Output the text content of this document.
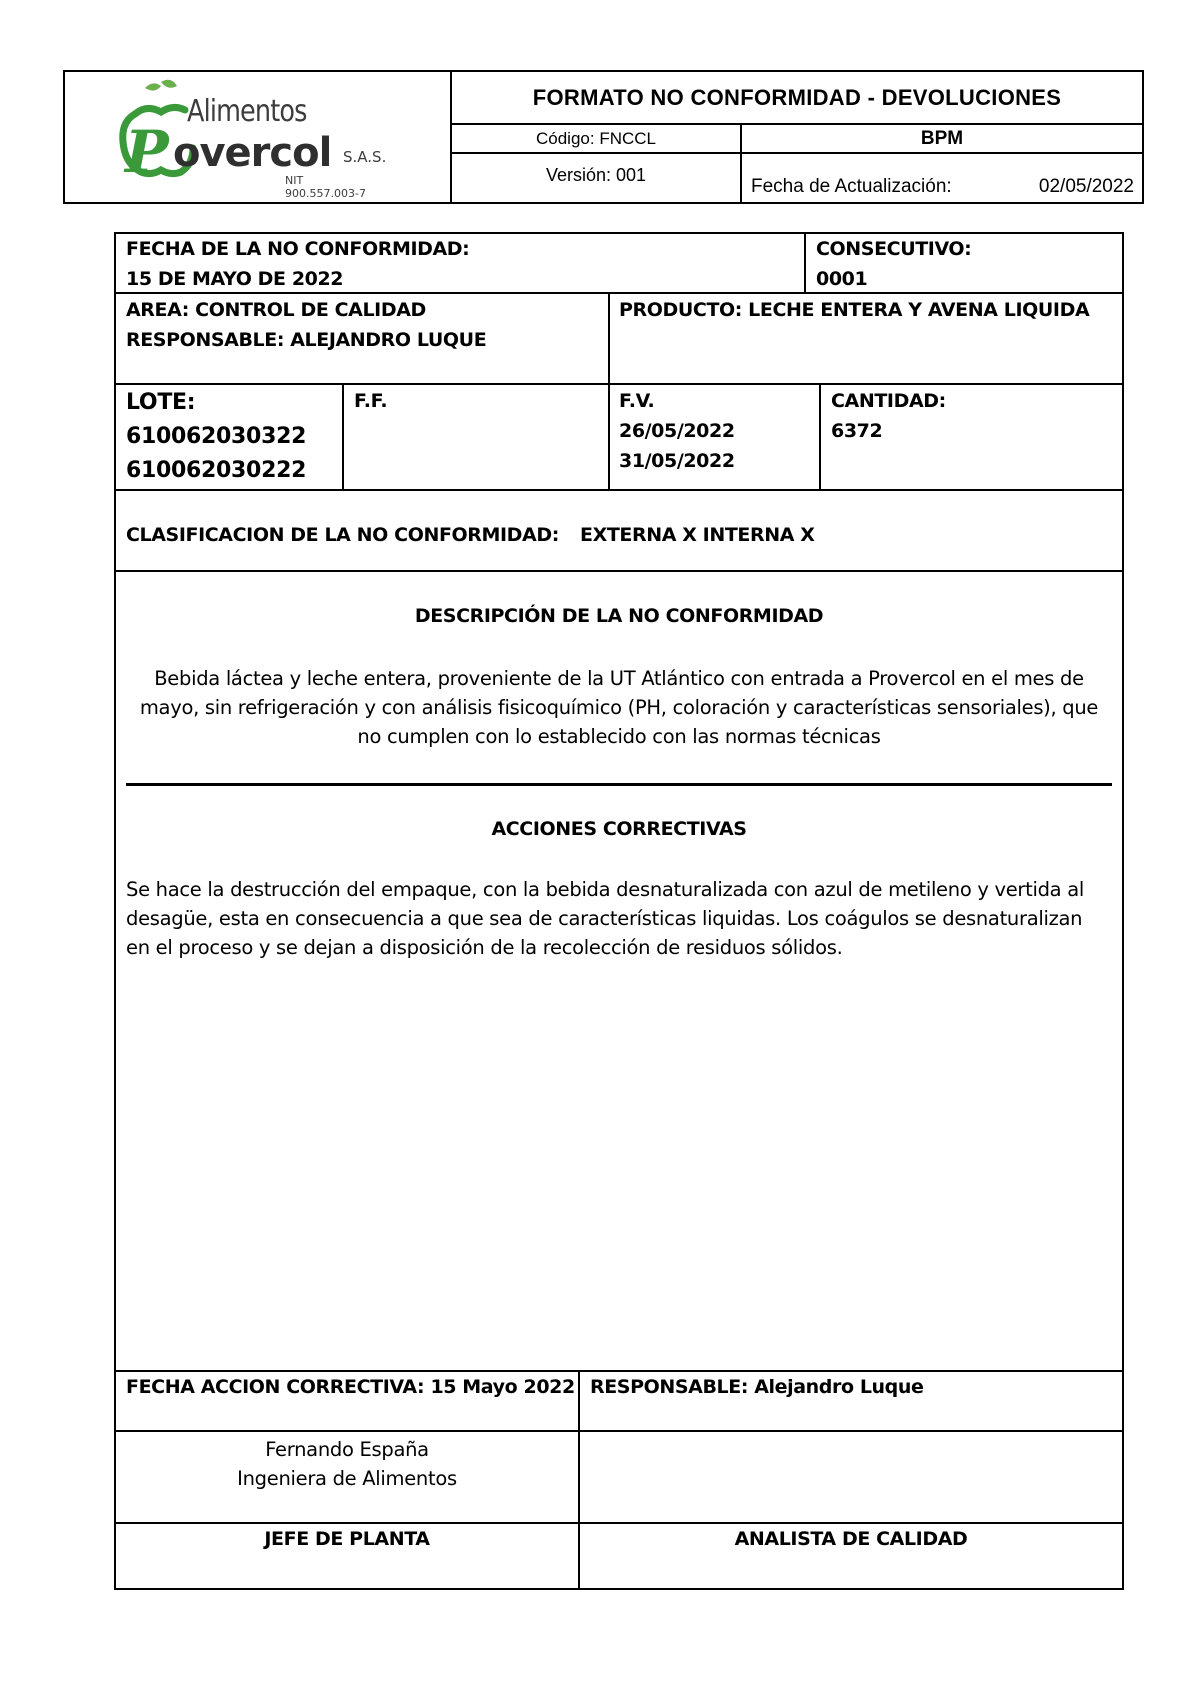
Alimentos
P overcol S.A.S.
NIT 900.557.003-7
FORMATO NO CONFORMIDAD - DEVOLUCIONES
Código: FNCCL	BPM
Versión: 001
Fecha de Actualización:	02/05/2022
FECHA DE LA NO CONFORMIDAD:
15 DE MAYO DE 2022
CONSECUTIVO:
0001
AREA: CONTROL DE CALIDAD
RESPONSABLE: ALEJANDRO LUQUE
PRODUCTO: LECHE ENTERA Y AVENA LIQUIDA
LOTE:
610062030322
610062030222
F.F.	F.V.
26/05/2022
31/05/2022
CANTIDAD:
6372
CLASIFICACION DE LA NO CONFORMIDAD: EXTERNA X INTERNA X
DESCRIPCIÓN DE LA NO CONFORMIDAD
Bebida láctea y leche entera, proveniente de la UT Atlántico con entrada a Provercol en el mes de
mayo, sin refrigeración y con análisis fisicoquímico (PH, coloración y características sensoriales), que
no cumplen con lo establecido con las normas técnicas
ACCIONES CORRECTIVAS
Se hace la destrucción del empaque, con la bebida desnaturalizada con azul de metileno y vertida al
desagüe, esta en consecuencia a que sea de características liquidas. Los coágulos se desnaturalizan
en el proceso y se dejan a disposición de la recolección de residuos sólidos.
FECHA ACCION CORRECTIVA: 15 Mayo 2022 RESPONSABLE: Alejandro Luque
Fernando España
Ingeniera de Alimentos
JEFE DE PLANTA	ANALISTA DE CALIDAD
